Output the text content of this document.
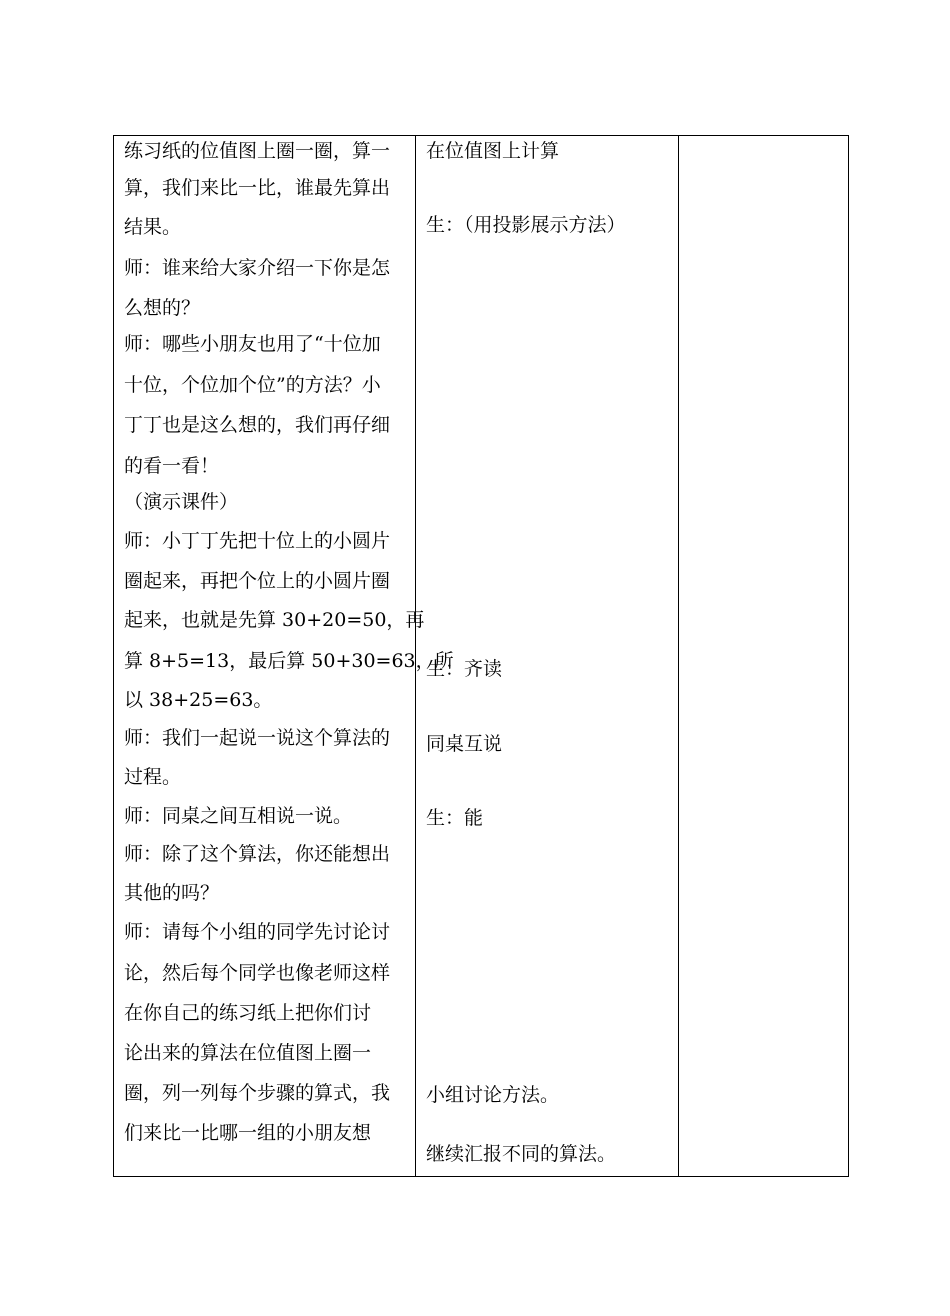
练习纸的位值图上圈一圈，算一
算，我们来比一比，谁最先算出
结果。
师：谁来给大家介绍一下你是怎
么想的？
师：哪些小朋友也用了“十位加
十位，个位加个位”的方法？小
丁丁也是这么想的，我们再仔细
的看一看！
（演示课件）
师：小丁丁先把十位上的小圆片
圈起来，再把个位上的小圆片圈
起来，也就是先算 30+20=50，再
算 8+5=13，最后算 50+30=63，所
以 38+25=63。
师：我们一起说一说这个算法的
过程。
师：同桌之间互相说一说。
师：除了这个算法，你还能想出
其他的吗？
师：请每个小组的同学先讨论讨
论，然后每个同学也像老师这样
在你自己的练习纸上把你们讨
论出来的算法在位值图上圈一
圈，列一列每个步骤的算式，我
们来比一比哪一组的小朋友想
在位值图上计算
生：（用投影展示方法）
生：齐读
同桌互说
生：能
小组讨论方法。
继续汇报不同的算法。
